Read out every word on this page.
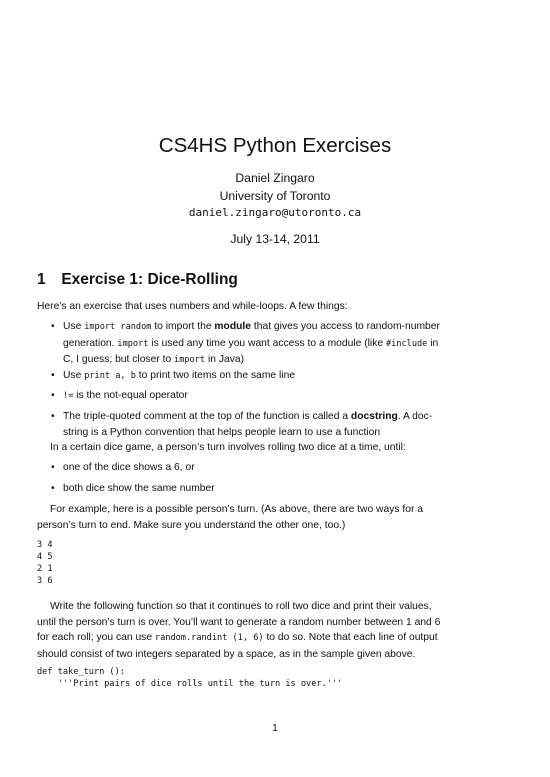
CS4HS Python Exercises
Daniel Zingaro
University of Toronto
daniel.zingaro@utoronto.ca
July 13-14, 2011
1 Exercise 1: Dice-Rolling
Here’s an exercise that uses numbers and while-loops. A few things:
• Use import random to import the module that gives you access to random-number
generation. import is used any time you want access to a module (like #include in
C, I guess; but closer to import in Java)
• Use print a, b to print two items on the same line
• != is the not-equal operator
• The triple-quoted comment at the top of the function is called a docstring. A doc-
string is a Python convention that helps people learn to use a function
In a certain dice game, a person’s turn involves rolling two dice at a time, until:
• one of the dice shows a 6, or
• both dice show the same number
For example, here is a possible person’s turn. (As above, there are two ways for a
person’s turn to end. Make sure you understand the other one, too.)
3 4
4 5
2 1
3 6
Write the following function so that it continues to roll two dice and print their values,
until the person’s turn is over. You’ll want to generate a random number between 1 and 6
for each roll; you can use random.randint (1, 6) to do so. Note that each line of output
should consist of two integers separated by a space, as in the sample given above.
def take_turn ():
'''Print pairs of dice rolls until the turn is over.'''
1
